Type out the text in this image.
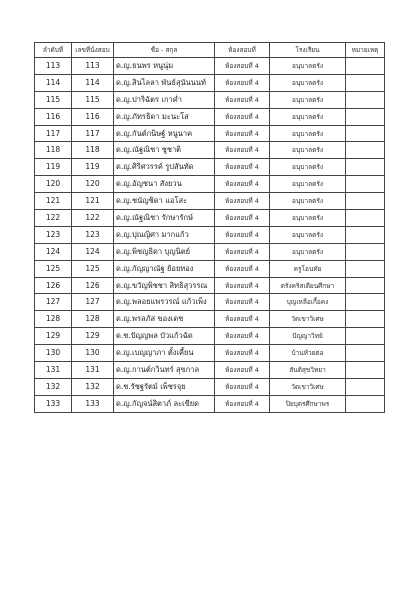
ลำดับที่	เลขที่นั่งสอบ	ชื่อ - สกุล	ห้องสอบที่	โรงเรียน	หมายเหตุ
113	113	ด.ญ.ธนพร หนูนุ่ม	ห้องสอบที่ 4	อนุบาลตรัง	
114	114	ด.ญ.สินไลลา พันธ์สุนันนนท์	ห้องสอบที่ 4	อนุบาลตรัง	
115	115	ด.ญ.ปาริฉัตร เกาค่ำ	ห้องสอบที่ 4	อนุบาลตรัง	
116	116	ด.ญ.ภัทรธิดา มะนะโส	ห้องสอบที่ 4	อนุบาลตรัง	
117	117	ด.ญ.กันต์กนิษฐ์ หนูนาค	ห้องสอบที่ 4	อนุบาลตรัง	
118	118	ด.ญ.ณัฐณิชา ชูชาติ	ห้องสอบที่ 4	อนุบาลตรัง	
119	119	ด.ญ.ศิริศวรรค์ รูปสันทัด	ห้องสอบที่ 4	อนุบาลตรัง	
120	120	ด.ญ.อัญชนา สังยวน	ห้องสอบที่ 4	อนุบาลตรัง	
121	121	ด.ญ.ชนัญชิดา แอโสะ	ห้องสอบที่ 4	อนุบาลตรัง	
122	122	ด.ญ.ณัฐณิชา รักษารักษ์	ห้องสอบที่ 4	อนุบาลตรัง	
123	123	ด.ญ.ปุณญิศา มากแก้ว	ห้องสอบที่ 4	อนุบาลตรัง	
124	124	ด.ญ.พิชญธิดา บุญนิตย์	ห้องสอบที่ 4	อนุบาลตรัง	
125	125	ด.ญ.กัญญาณัฐ ย้อยทอง	ห้องสอบที่ 4	ครูโอนทัย	
126	126	ด.ญ.ขวัญพิชชา สิทธิสุวรรณ	ห้องสอบที่ 4	ตรังคริสเตียนศึกษา	
127	127	ด.ญ.พลอยแพรวรณ์ แก้วเพ็ง	ห้องสอบที่ 4	บุญเหลือเกื้อคง	
128	128	ด.ญ.พรลภัส ของเดช	ห้องสอบที่ 4	วัดเขาวิเศษ	
129	129	ด.ช.ปัญญพล บัวแก้วฉัด	ห้องสอบที่ 4	ปัญญาวิทย์	
130	130	ด.ญ.เบญญาภา ตั้งเคี้ยน	ห้องสอบที่ 4	บ้านห้วยต่อ	
131	131	ด.ญ.กานต์กวินทร์ สุขกาล	ห้องสอบที่ 4	สันติสุขวิทยา	
132	132	ด.ช.รัชฐรัตม์ เพ็ชรจุย	ห้องสอบที่ 4	วัดเขาวิเศษ	
133	133	ด.ญ.กัญจน์สิตาภ์ ละเขียด	ห้องสอบที่ 4	ปิยบุตรศึกษาพร	
